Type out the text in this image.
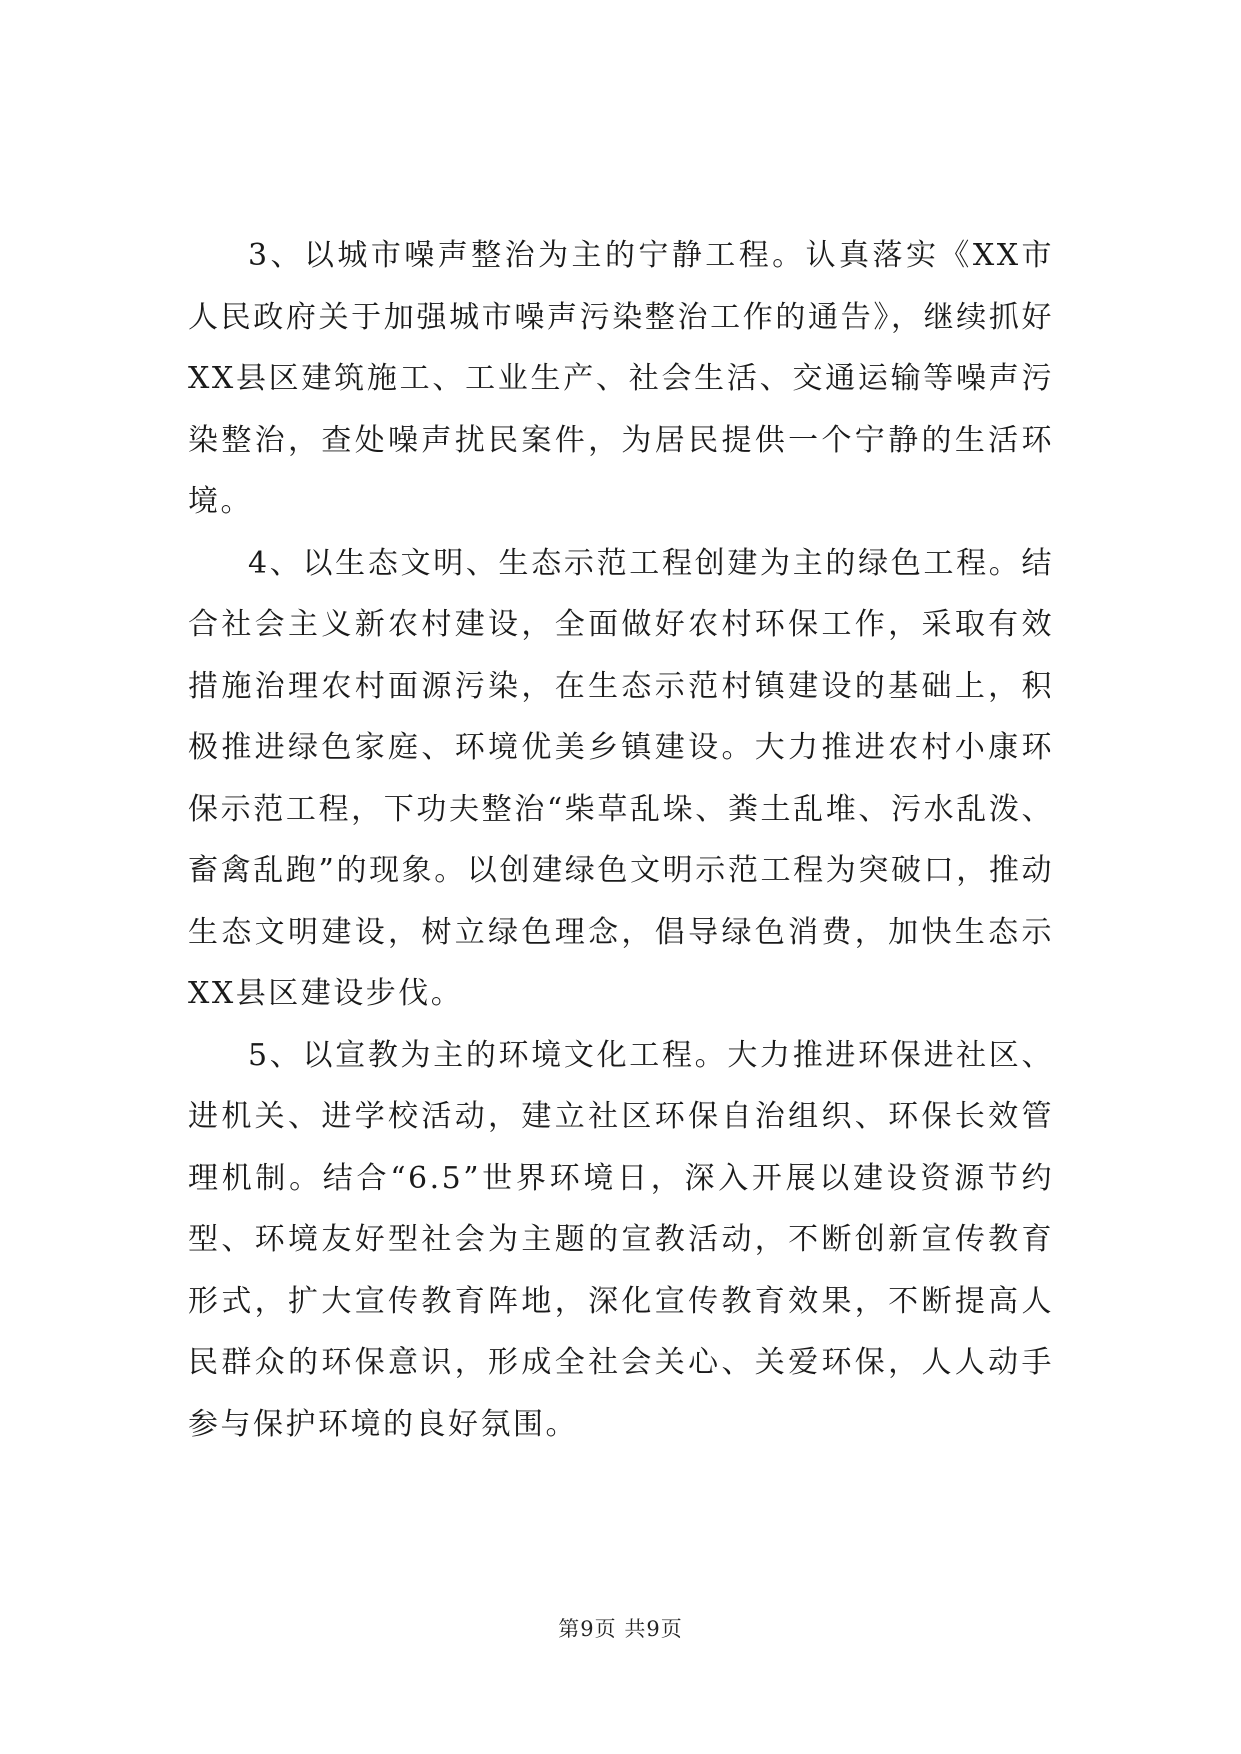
3、以城市噪声整治为主的宁静工程。认真落实《XX市人民政府关于加强城市噪声污染整治工作的通告》，继续抓好XX县区建筑施工、工业生产、社会生活、交通运输等噪声污染整治，查处噪声扰民案件，为居民提供一个宁静的生活环境。

4、以生态文明、生态示范工程创建为主的绿色工程。结合社会主义新农村建设，全面做好农村环保工作，采取有效措施治理农村面源污染，在生态示范村镇建设的基础上，积极推进绿色家庭、环境优美乡镇建设。大力推进农村小康环保示范工程，下功夫整治“柴草乱垛、粪土乱堆、污水乱泼、畜禽乱跑”的现象。以创建绿色文明示范工程为突破口，推动生态文明建设，树立绿色理念，倡导绿色消费，加快生态示XX县区建设步伐。

5、以宣教为主的环境文化工程。大力推进环保进社区、进机关、进学校活动，建立社区环保自治组织、环保长效管理机制。结合“6.5”世界环境日，深入开展以建设资源节约型、环境友好型社会为主题的宣教活动，不断创新宣传教育形式，扩大宣传教育阵地，深化宣传教育效果，不断提高人民群众的环保意识，形成全社会关心、关爱环保，人人动手参与保护环境的良好氛围。

第9页 共9页
